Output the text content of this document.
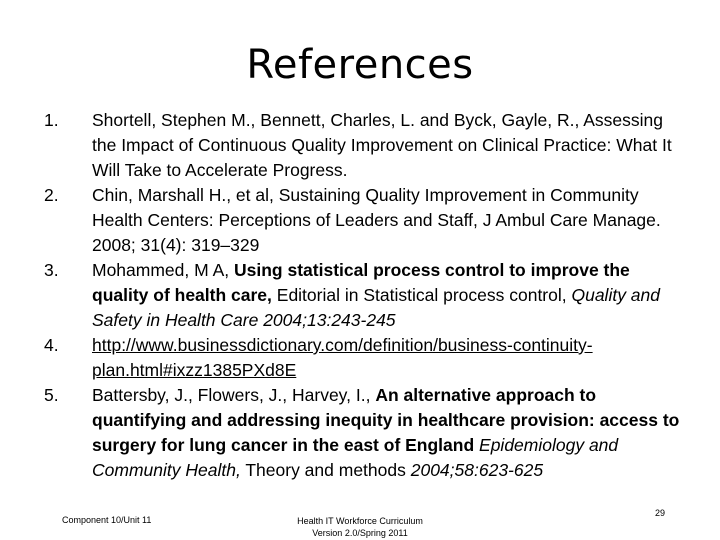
References
1.	Shortell, Stephen M., Bennett, Charles, L. and Byck, Gayle, R., Assessing the Impact of Continuous Quality Improvement on Clinical Practice: What It Will Take to Accelerate Progress.
2.	Chin, Marshall H., et al, Sustaining Quality Improvement in Community Health Centers: Perceptions of Leaders and Staff, J Ambul Care Manage. 2008; 31(4): 319–329
3.	Mohammed, M A, Using statistical process control to improve the quality of health care, Editorial in Statistical process control, Quality and Safety in Health Care 2004;13:243-245
4.	http://www.businessdictionary.com/definition/business-continuity-plan.html#ixzz1385PXd8E
5.	Battersby, J., Flowers, J., Harvey, I., An alternative approach to quantifying and addressing inequity in healthcare provision: access to surgery for lung cancer in the east of England Epidemiology and Community Health, Theory and methods 2004;58:623-625
Component 10/Unit 11	Health IT Workforce Curriculum
Version 2.0/Spring 2011
29
